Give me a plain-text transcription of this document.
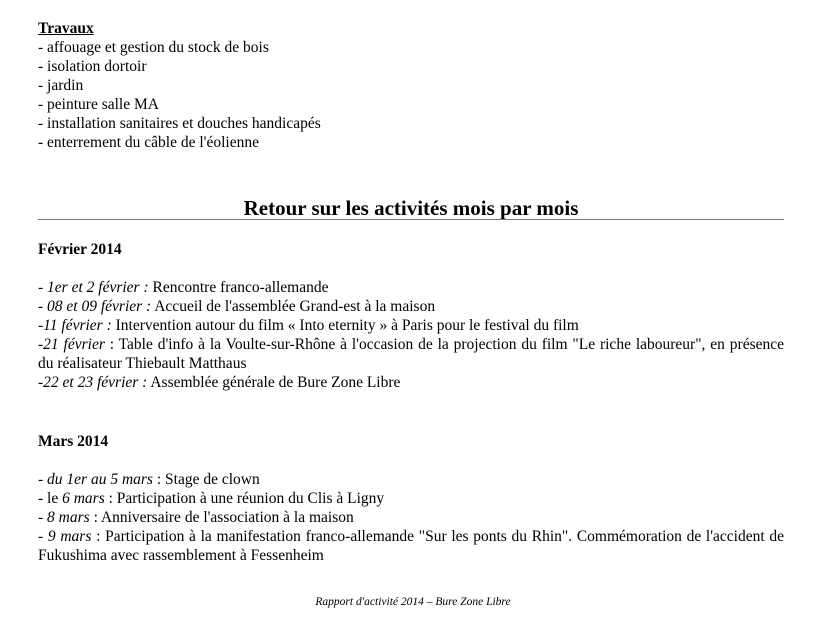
Travaux
- affouage et gestion du stock de bois
- isolation dortoir
- jardin
- peinture salle MA
- installation sanitaires et douches handicapés
- enterrement du câble de l'éolienne
Retour sur les activités mois par mois
Février 2014
- 1er et 2 février : Rencontre franco-allemande
- 08 et 09 février : Accueil de l'assemblée Grand-est à la maison
-11 février : Intervention autour du film « Into eternity » à Paris pour le festival du film
-21 février : Table d'info à la Voulte-sur-Rhône à l'occasion de la projection du film "Le riche laboureur", en présence du réalisateur Thiebault Matthaus
-22 et 23 février : Assemblée générale de Bure Zone Libre
Mars 2014
- du 1er au 5 mars : Stage de clown
- le 6 mars : Participation à une réunion du Clis à Ligny
- 8 mars : Anniversaire de l'association à la maison
- 9 mars : Participation à la manifestation franco-allemande "Sur les ponts du Rhin". Commémoration de l'accident de Fukushima avec rassemblement à Fessenheim
Rapport d'activité 2014 – Bure Zone Libre
